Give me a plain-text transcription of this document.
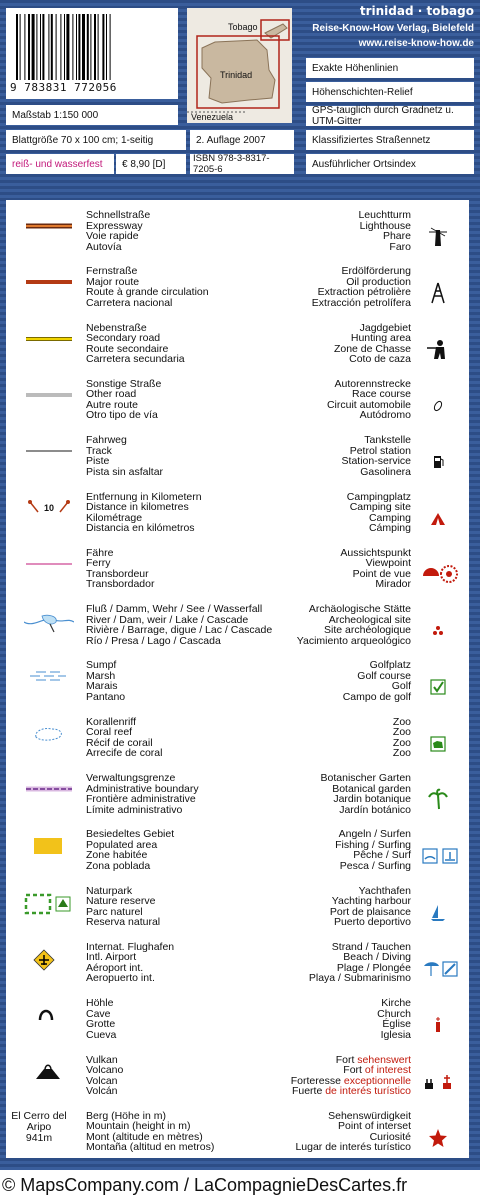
9 783831 772056
Tobago
Trinidad
Venezuela
trinidad · tobago
Reise-Know-How Verlag, Bielefeld
www.reise-know-how.de
Exakte Höhenlinien
Höhenschichten-Relief
GPS-tauglich durch Gradnetz u. UTM-Gitter
Klassifiziertes Straßennetz
Ausführlicher Ortsindex
Maßstab 1:150 000
Blattgröße 70 x 100 cm; 1-seitig	2. Auflage 2007
reiß- und wasserfest	€ 8,90 [D]	ISBN 978-3-8317-7205-6
Schnellstraße
Expressway
Voie rapide
Autovía
Fernstraße
Major route
Route à grande circulation
Carretera nacional
Nebenstraße
Secondary road
Route secondaire
Carretera secundaria
Sonstige Straße
Other road
Autre route
Otro tipo de vía
Fahrweg
Track
Piste
Pista sin asfaltar
10
Entfernung in Kilometern
Distance in kilometres
Kilométrage
Distancia en kilómetros
Fähre
Ferry
Transbordeur
Transbordador
Fluß / Damm, Wehr / See / Wasserfall
River / Dam, weir / Lake / Cascade
Rivière / Barrage, digue / Lac / Cascade
Río / Presa / Lago / Cascada
Sumpf
Marsh
Marais
Pantano
Korallenriff
Coral reef
Récif de corail
Arrecife de coral
Verwaltungsgrenze
Administrative boundary
Frontière administrative
Límite administrativo
Besiedeltes Gebiet
Populated area
Zone habitée
Zona poblada
Naturpark
Nature reserve
Parc naturel
Reserva natural
Internat. Flughafen
Intl. Airport
Aéroport int.
Aeropuerto int.
Höhle
Cave
Grotte
Cueva
Vulkan
Volcano
Volcan
Volcán
El Cerro del Aripo
941m
Berg (Höhe in m)
Mountain (height in m)
Mont (altitude en mètres)
Montaña (altitud en metros)
Leuchtturm
Lighthouse
Phare
Faro
Erdölförderung
Oil production
Extraction pétrolière
Extracción petrolífera
Jagdgebiet
Hunting area
Zone de Chasse
Coto de caza
Autorennstrecke
Race course
Circuit automobile
Autódromo
Tankstelle
Petrol station
Station-service
Gasolinera
Campingplatz
Camping site
Camping
Cámping
Aussichtspunkt
Viewpoint
Point de vue
Mirador
Archäologische Stätte
Archeological site
Site archéologique
Yacimiento arqueológico
Golfplatz
Golf course
Golf
Campo de golf
Zoo
Zoo
Zoo
Zoo
Botanischer Garten
Botanical garden
Jardin botanique
Jardín botánico
Angeln / Surfen
Fishing / Surfing
Pêche / Surf
Pesca / Surfing
Yachthafen
Yachting harbour
Port de plaisance
Puerto deportivo
Strand / Tauchen
Beach / Diving
Plage / Plongée
Playa / Submarinismo
Kirche
Church
Église
Iglesia
Fort sehenswert
Fort of interest
Forteresse exceptionnelle
Fuerte de interés turístico
Sehenswürdigkeit
Point of interset
Curiosité
Lugar de interés turístico
© MapsCompany.com / LaCompagnieDesCartes.fr
